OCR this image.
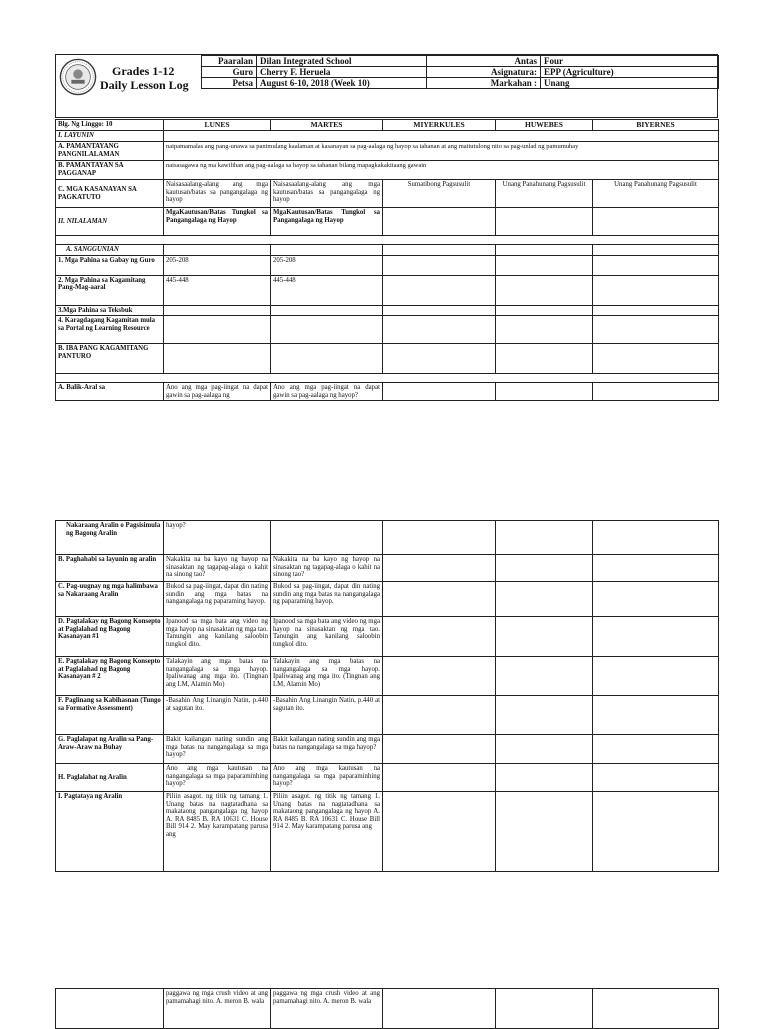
Grades 1-12
Daily Lesson Log
Paaralan	Dilan Integrated School	Antas	Four
Guro	Cherry F. Heruela	Asignatura:	EPP (Agriculture)
Petsa	August 6-10, 2018 (Week 10)	Markahan :	Unang
Blg. Ng Linggo: 10	LUNES	MARTES	MIYERKULES	HUWEBES	BIYERNES
I. LAYUNIN					
A. PAMANTAYANG PANGNILALAMAN	naipamamalas ang pang-unawa sa panimulang kaalaman at kasanayan sa pag-aalaga ng hayop sa tahanan at ang maitutulong nito sa pag-unlad ng pamumuhay				
B. PAMANTAYAN SA PAGGANAP	naisasagawa ng ma kawilihan ang pag-aalaga sa hayop sa tahanan bilang mapagkakakitaang gawain				
C. MGA KASANAYAN SA PAGKATUTO	Naisasaalang-alang ang mga kautusan/batas sa pangangalaga ng hayop	Naisasaalang-alang ang mga kautusan/batas sa pangangalaga ng hayop	Sumatibong Pagsusulit	Unang Panahunang Pagsusulit	Unang Panahunang Pagsusulit
II. NILALAMAN	MgaKautusan/Batas Tungkol sa Pangangalaga ng Hayop	MgaKautusan/Batas Tungkol sa Pangangalaga ng Hayop			

A. SANGGUNIAN					
1. Mga Pahina sa Gabay ng Guro	205-208	205-208			
2. Mga Pahina sa Kagamitang Pang-Mag-aaral	445-448	445-448			
3.Mga Pahina sa Teksbuk					
4. Karagdagang Kagamitan mula sa Portal ng Learning Resource					
B. IBA PANG KAGAMITANG PANTURO					

A. Balik-Aral sa	Ano ang mga pag-iingat na dapat gawin sa pag-aalaga ng	Ano ang mga pag-iingat na dapat gawin sa pag-aalaga ng hayop?			
Nakaraang Aralin o Pagsisimula ng Bagong Aralin	hayop?				
B. Paghahabi sa layunin ng aralin	Nakakita na ba kayo ng hayop na sinasaktan ng tagapag-alaga o kahit na sinong tao?	Nakakita na ba kayo ng hayop na sinasaktan ng tagapag-alaga o kahit na sinong tao?			
C. Pag-uugnay ng mga halimbawa sa Nakaraang Aralin	Bukod sa pag-iingat, dapat din nating sundin ang mga batas na nangangalaga ng paparaming hayop.	Bukod sa pag-iingat, dapat din nating sundin ang mga batas na nangangalaga ng paparaming hayop.			
D. Pagtalakay ng Bagong Konsepto at Paglalahad ng Bagong Kasanayan #1	Ipanood sa mga bata ang video ng mga hayop na sinasaktan ng mga tao. Tanungin ang kanilang saloobin tungkol dito.	Ipanood sa mga bata ang video ng mga hayop na sinasaktan ng mga tao. Tanungin ang kanilang saloobin tungkol dito.			
E. Pagtalakay ng Bagong Konsepto at Paglalahad ng Bagong Kasanayan # 2	Talakayin ang mga batas na nangangalaga sa mga hayop. Ipaliwanag ang mga ito. (Tingnan ang LM, Alamin Mo)	Talakayin ang mga batas na nangangalaga sa mga hayop. Ipaliwanag ang mga ito. (Tingnan ang LM, Alamin Mo)			
F. Paglinang sa Kabihasnan (Tungo sa Formative Assessment)	-Basahin Ang Linangin Natin, p.440 at sagutan ito.	-Basahin Ang Linangin Natin, p.440 at sagutan ito.			
G. Paglalapat ng Aralin sa Pang-Araw-Araw na Buhay	Bakit kailangan nating sundin ang mga batas na nangangalaga sa mga hayop?	Bakit kailangan nating sundin ang mga batas na nangangalaga sa mga hayop?			
H. Paglalahat ng Aralin	Ano ang mga kautusan na nangangalaga sa mga paparaminhing hayop?	Ano ang mga kautusan na nangangalaga sa mga paparaminhing hayop?			
I. Pagtataya ng Aralin	Piliin asagot. ng titik ng tamang 1. Unang batas na nagtatadhana sa makataong pangangalaga ng hayop A. RA 8485 B. RA 10631 C. House Bill 914 2. May karampatang parusa ang	Piliin asagot. ng titik ng tamang 1. Unang batas na nagtatadhana sa makataong pangangalaga ng hayop A. RA 8485 B. RA 10631 C. House Bill 914 2. May karampatang parusa ang			
	paggawa ng mga crush video at ang pamamahagi nito. A. meron B. wala	paggawa ng mga crush video at ang pamamahagi nito. A. meron B. wala			
